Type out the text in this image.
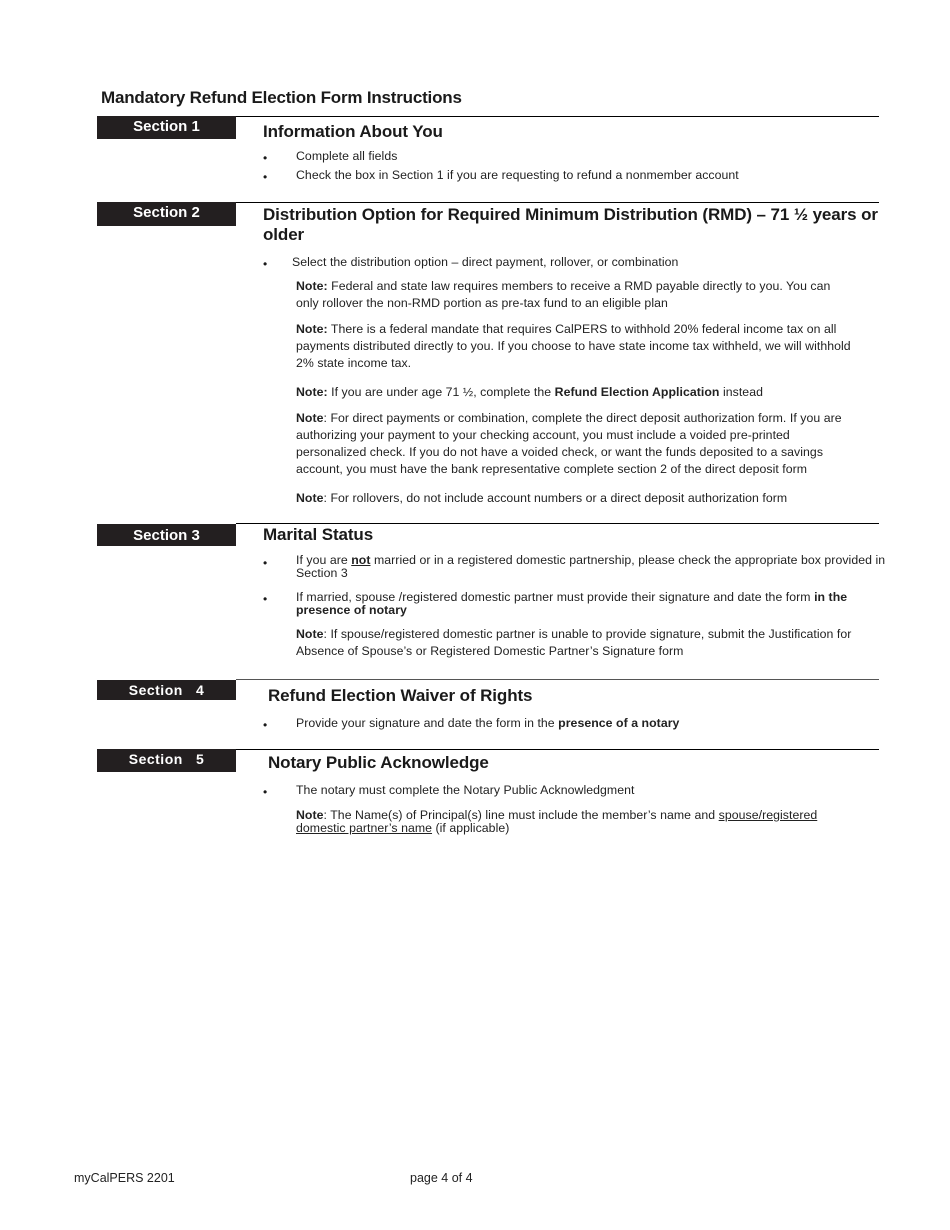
Mandatory Refund Election Form Instructions
Section 1	Information About You
• Complete all fields
• Check the box in Section 1 if you are requesting to refund a nonmember account
Section 2	Distribution Option for Required Minimum Distribution (RMD) – 71 ½ years or older
• Select the distribution option – direct payment, rollover, or combination
Note: Federal and state law requires members to receive a RMD payable directly to you. You can only rollover the non-RMD portion as pre-tax fund to an eligible plan
Note: There is a federal mandate that requires CalPERS to withhold 20% federal income tax on all payments distributed directly to you. If you choose to have state income tax withheld, we will withhold 2% state income tax.
Note: If you are under age 71 ½, complete the Refund Election Application instead
Note: For direct payments or combination, complete the direct deposit authorization form. If you are authorizing your payment to your checking account, you must include a voided pre-printed personalized check. If you do not have a voided check, or want the funds deposited to a savings account, you must have the bank representative complete section 2 of the direct deposit form
Note: For rollovers, do not include account numbers or a direct deposit authorization form
Section 3	Marital Status
• If you are not married or in a registered domestic partnership, please check the appropriate box provided in Section 3
• If married, spouse /registered domestic partner must provide their signature and date the form in the presence of notary
Note: If spouse/registered domestic partner is unable to provide signature, submit the Justification for Absence of Spouse’s or Registered Domestic Partner’s Signature form
Section   4	Refund Election Waiver of Rights
• Provide your signature and date the form in the presence of a notary
Section   5	Notary Public Acknowledge
• The notary must complete the Notary Public Acknowledgment
Note: The Name(s) of Principal(s) line must include the member’s name and spouse/registered domestic partner’s name (if applicable)
myCalPERS 2201	page 4 of 4
